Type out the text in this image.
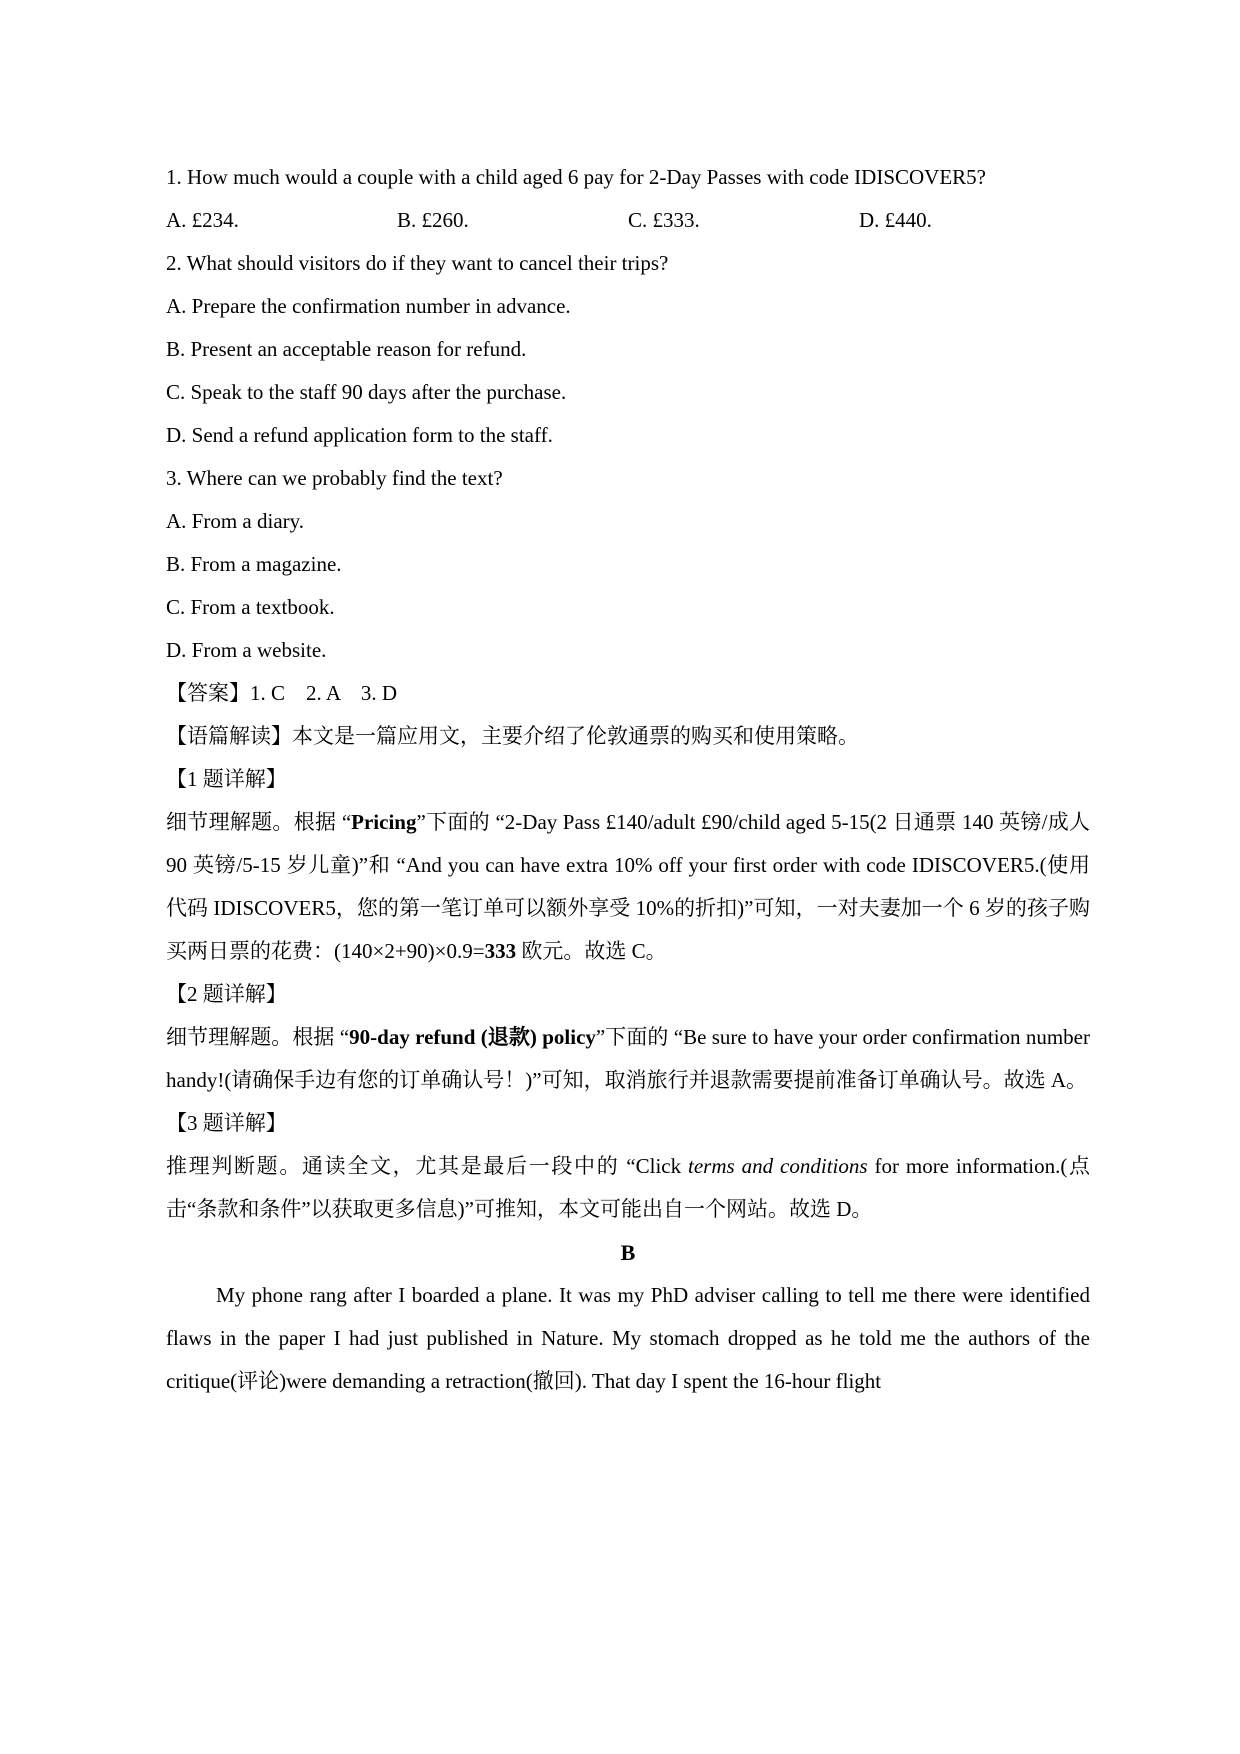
1. How much would a couple with a child aged 6 pay for 2-Day Passes with code IDISCOVER5?

A. £234.	B. £260.	C. £333.	D. £440.

2. What should visitors do if they want to cancel their trips?

A. Prepare the confirmation number in advance.

B. Present an acceptable reason for refund.

C. Speak to the staff 90 days after the purchase.

D. Send a refund application form to the staff.

3. Where can we probably find the text?

A. From a diary.

B. From a magazine.

C. From a textbook.

D. From a website.

【答案】1. C    2. A    3. D

【语篇解读】本文是一篇应用文，主要介绍了伦敦通票的购买和使用策略。

【1 题详解】

细节理解题。根据 “Pricing”下面的 “2-Day Pass £140/adult £90/child aged 5-15(2 日通票 140 英镑/成人 90 英镑/5-15 岁儿童)”和 “And you can have extra 10% off your first order with code IDISCOVER5.(使用代码 IDISCOVER5，您的第一笔订单可以额外享受 10%的折扣)”可知，一对夫妻加一个 6 岁的孩子购买两日票的花费：(140×2+90)×0.9=333 欧元。故选 C。

【2 题详解】

细节理解题。根据 “90-day refund (退款) policy”下面的 “Be sure to have your order confirmation number handy!(请确保手边有您的订单确认号！)”可知，取消旅行并退款需要提前准备订单确认号。故选 A。

【3 题详解】

推理判断题。通读全文，尤其是最后一段中的 “Click terms and conditions for more information.(点击“条款和条件”以获取更多信息)”可推知，本文可能出自一个网站。故选 D。

B

My phone rang after I boarded a plane. It was my PhD adviser calling to tell me there were identified flaws in the paper I had just published in Nature. My stomach dropped as he told me the authors of the critique(评论)were demanding a retraction(撤回). That day I spent the 16-hour flight
